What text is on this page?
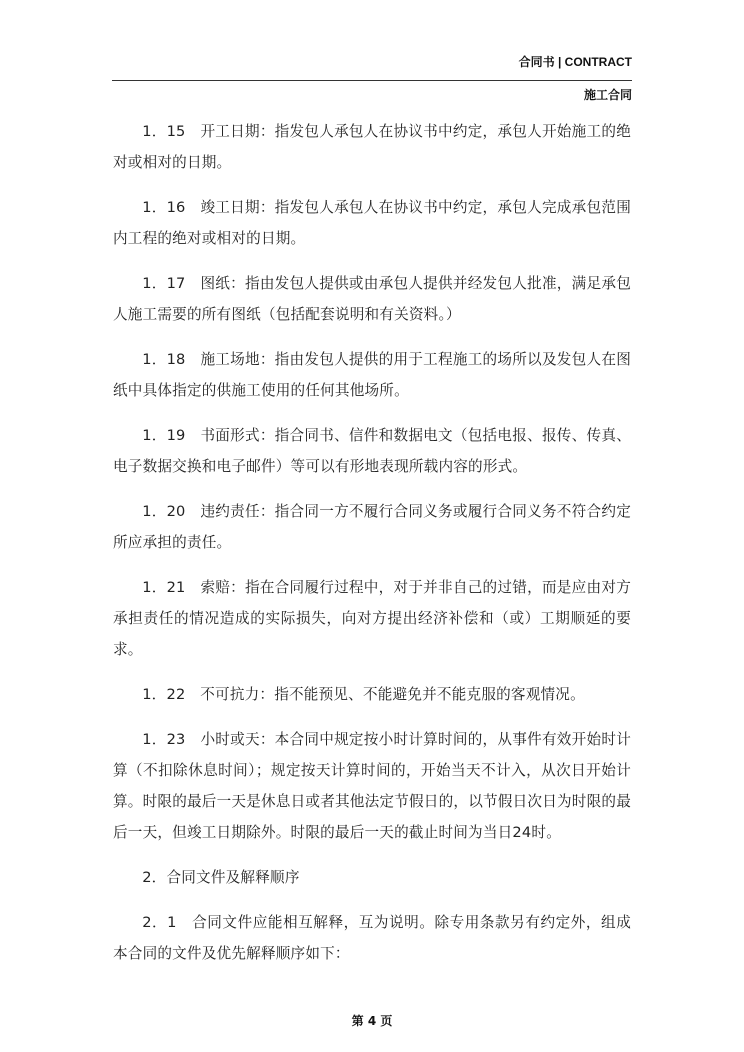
合同书 | CONTRACT
施工合同

1．15　开工日期：指发包人承包人在协议书中约定，承包人开始施工的绝对或相对的日期。

1．16　竣工日期：指发包人承包人在协议书中约定，承包人完成承包范围内工程的绝对或相对的日期。

1．17　图纸：指由发包人提供或由承包人提供并经发包人批准，满足承包人施工需要的所有图纸（包括配套说明和有关资料。）

1．18　施工场地：指由发包人提供的用于工程施工的场所以及发包人在图纸中具体指定的供施工使用的任何其他场所。

1．19　书面形式：指合同书、信件和数据电文（包括电报、报传、传真、电子数据交换和电子邮件）等可以有形地表现所载内容的形式。

1．20　违约责任：指合同一方不履行合同义务或履行合同义务不符合约定所应承担的责任。

1．21　索赔：指在合同履行过程中，对于并非自己的过错，而是应由对方承担责任的情况造成的实际损失，向对方提出经济补偿和（或）工期顺延的要求。

1．22　不可抗力：指不能预见、不能避免并不能克服的客观情况。

1．23　小时或天：本合同中规定按小时计算时间的，从事件有效开始时计算（不扣除休息时间）；规定按天计算时间的，开始当天不计入，从次日开始计算。时限的最后一天是休息日或者其他法定节假日的，以节假日次日为时限的最后一天，但竣工日期除外。时限的最后一天的截止时间为当日24时。

2．合同文件及解释顺序

2．1　合同文件应能相互解释，互为说明。除专用条款另有约定外，组成本合同的文件及优先解释顺序如下：

第 4 页
